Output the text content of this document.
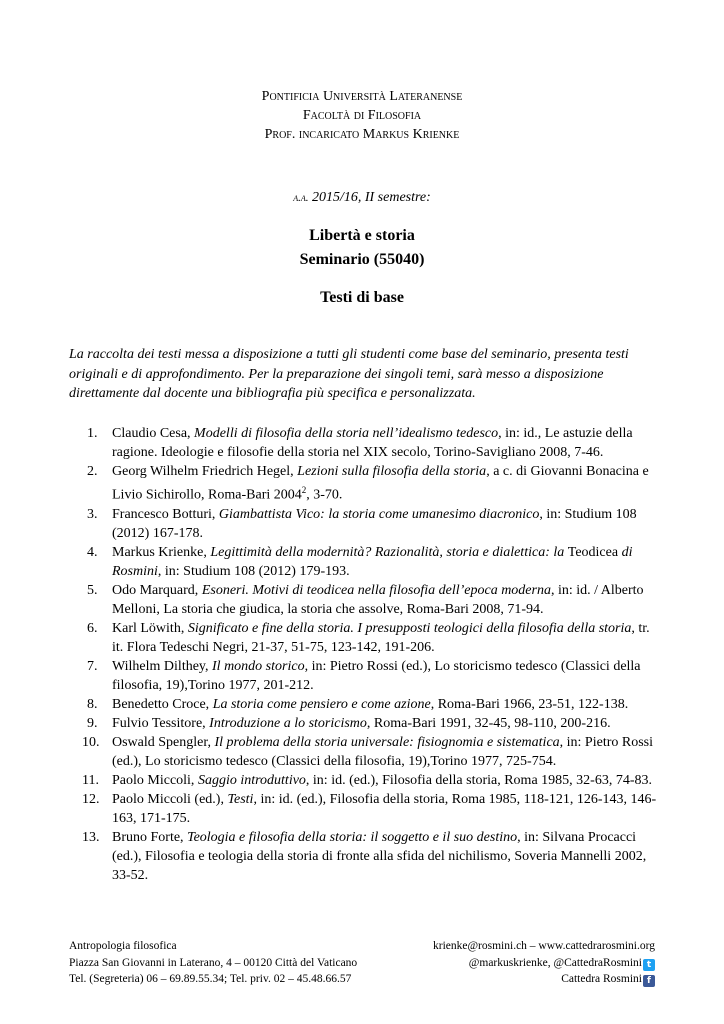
Pontificia Università Lateranense
Facoltà di Filosofia
Prof. incaricato Markus Krienke
a.a. 2015/16, II semestre:
Libertà e storia
Seminario (55040)
Testi di base
La raccolta dei testi messa a disposizione a tutti gli studenti come base del seminario, presenta testi originali e di approfondimento. Per la preparazione dei singoli temi, sarà messo a disposizione direttamente dal docente una bibliografia più specifica e personalizzata.
1. Claudio Cesa, Modelli di filosofia della storia nell’idealismo tedesco, in: id., Le astuzie della ragione. Ideologie e filosofie della storia nel XIX secolo, Torino-Savigliano 2008, 7-46.
2. Georg Wilhelm Friedrich Hegel, Lezioni sulla filosofia della storia, a c. di Giovanni Bonacina e Livio Sichirollo, Roma-Bari 2004$^2$, 3-70.
3. Francesco Botturi, Giambattista Vico: la storia come umanesimo diacronico, in: Studium 108 (2012) 167-178.
4. Markus Krienke, Legittimità della modernità? Razionalità, storia e dialettica: la Teodicea di Rosmini, in: Studium 108 (2012) 179-193.
5. Odo Marquard, Esoneri. Motivi di teodicea nella filosofia dell’epoca moderna, in: id. / Alberto Melloni, La storia che giudica, la storia che assolve, Roma-Bari 2008, 71-94.
6. Karl Löwith, Significato e fine della storia. I presupposti teologici della filosofia della storia, tr. it. Flora Tedeschi Negri, 21-37, 51-75, 123-142, 191-206.
7. Wilhelm Dilthey, Il mondo storico, in: Pietro Rossi (ed.), Lo storicismo tedesco (Classici della filosofia, 19),Torino 1977, 201-212.
8. Benedetto Croce, La storia come pensiero e come azione, Roma-Bari 1966, 23-51, 122-138.
9. Fulvio Tessitore, Introduzione a lo storicismo, Roma-Bari 1991, 32-45, 98-110, 200-216.
10. Oswald Spengler, Il problema della storia universale: fisiognomia e sistematica, in: Pietro Rossi (ed.), Lo storicismo tedesco (Classici della filosofia, 19),Torino 1977, 725-754.
11. Paolo Miccoli, Saggio introduttivo, in: id. (ed.), Filosofia della storia, Roma 1985, 32-63, 74-83.
12. Paolo Miccoli (ed.), Testi, in: id. (ed.), Filosofia della storia, Roma 1985, 118-121, 126-143, 146-163, 171-175.
13. Bruno Forte, Teologia e filosofia della storia: il soggetto e il suo destino, in: Silvana Procacci (ed.), Filosofia e teologia della storia di fronte alla sfida del nichilismo, Soveria Mannelli 2002, 33-52.
Antropologia filosofica
Piazza San Giovanni in Laterano, 4 – 00120 Città del Vaticano
Tel. (Segreteria) 06 – 69.89.55.34; Tel. priv. 02 – 45.48.66.57
krienke@rosmini.ch – www.cattedrarosmini.org
@markuskrienke, @CattedraRosmini t
Cattedra Rosmini f
